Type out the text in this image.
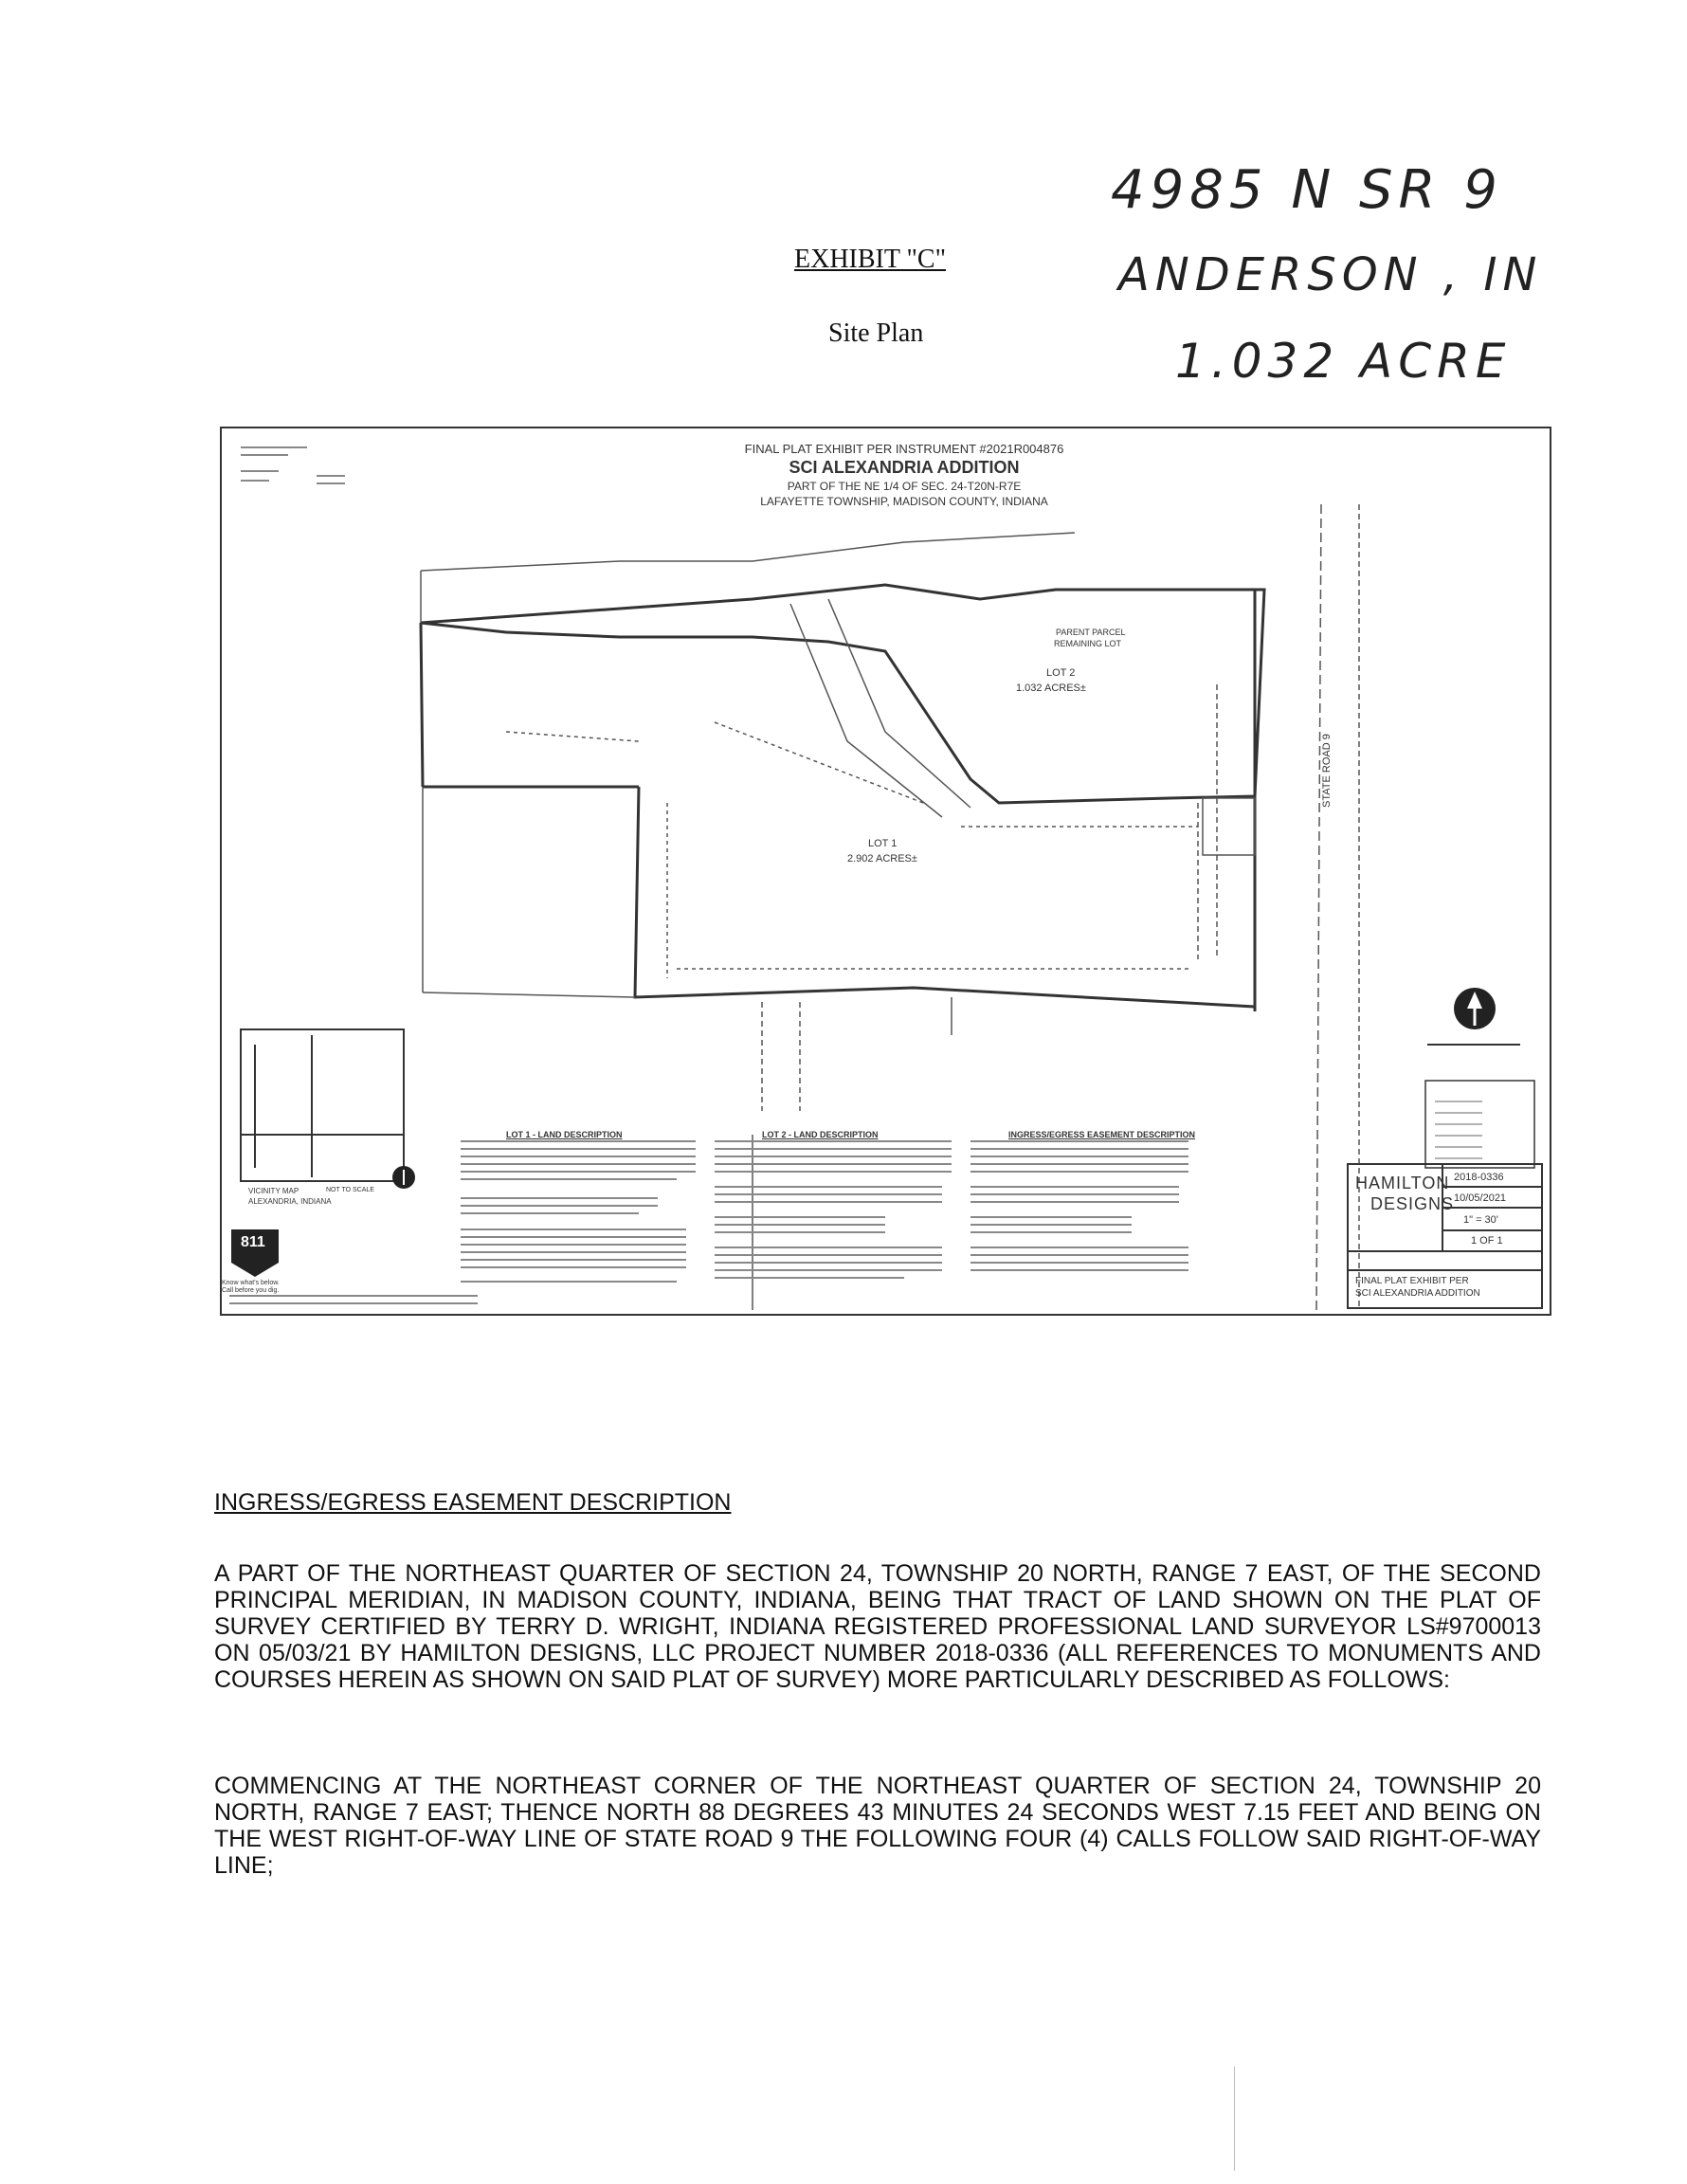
4985 N SR 9
ANDERSON , IN
1.032 ACRE
EXHIBIT "C"
Site Plan
FINAL PLAT EXHIBIT PER INSTRUMENT #2021R004876
SCI ALEXANDRIA ADDITION
PART OF THE NE 1/4 OF SEC. 24-T20N-R7E
LAFAYETTE TOWNSHIP, MADISON COUNTY, INDIANA
LOT 2
1.032 ACRES±
PARENT PARCEL
REMAINING LOT
LOT 1
2.902 ACRES±
STATE ROAD 9
LOT 1 - LAND DESCRIPTION	LOT 2 - LAND DESCRIPTION	INGRESS/EGRESS EASEMENT DESCRIPTION
VICINITY MAP
ALEXANDRIA, INDIANA
NOT TO SCALE
811
Know what's below.
Call before you dig.
HAMILTON
DESIGNS
2018-0336
10/05/2021
1" = 30'
1 OF 1
FINAL PLAT EXHIBIT PER
SCI ALEXANDRIA ADDITION
INGRESS/EGRESS EASEMENT DESCRIPTION
A PART OF THE NORTHEAST QUARTER OF SECTION 24, TOWNSHIP 20 NORTH, RANGE 7 EAST, OF THE SECOND PRINCIPAL MERIDIAN, IN MADISON COUNTY, INDIANA, BEING THAT TRACT OF LAND SHOWN ON THE PLAT OF SURVEY CERTIFIED BY TERRY D. WRIGHT, INDIANA REGISTERED PROFESSIONAL LAND SURVEYOR LS#9700013 ON 05/03/21 BY HAMILTON DESIGNS, LLC PROJECT NUMBER 2018-0336 (ALL REFERENCES TO MONUMENTS AND COURSES HEREIN AS SHOWN ON SAID PLAT OF SURVEY) MORE PARTICULARLY DESCRIBED AS FOLLOWS:
COMMENCING AT THE NORTHEAST CORNER OF THE NORTHEAST QUARTER OF SECTION 24, TOWNSHIP 20 NORTH, RANGE 7 EAST; THENCE NORTH 88 DEGREES 43 MINUTES 24 SECONDS WEST 7.15 FEET AND BEING ON THE WEST RIGHT-OF-WAY LINE OF STATE ROAD 9 THE FOLLOWING FOUR (4) CALLS FOLLOW SAID RIGHT-OF-WAY LINE;
